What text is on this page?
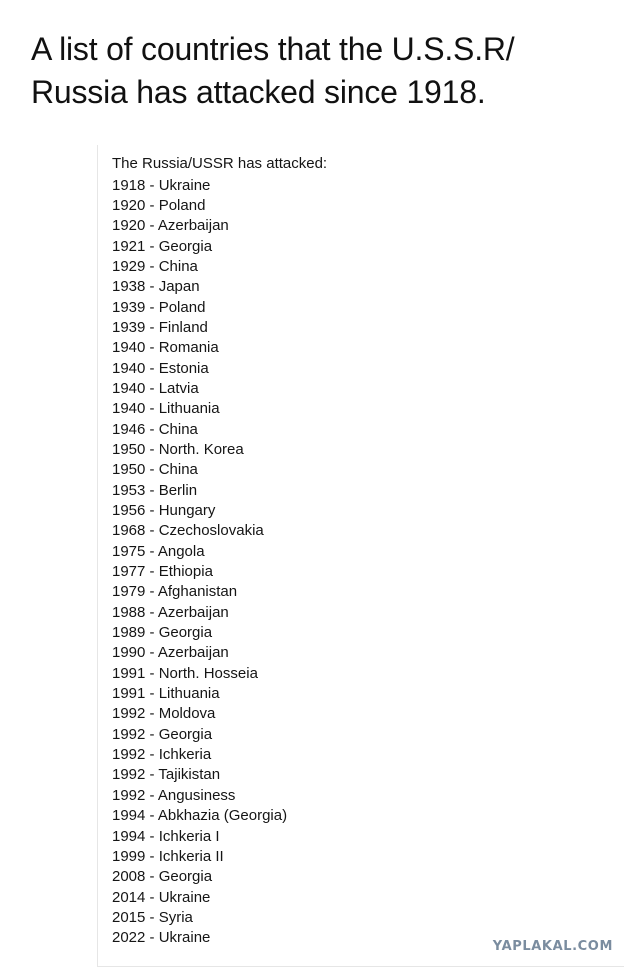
A list of countries that the U.S.S.R/ Russia has attacked since 1918.

The Russia/USSR has attacked:

1918 - Ukraine
1920 - Poland
1920 - Azerbaijan
1921 - Georgia
1929 - China
1938 - Japan
1939 - Poland
1939 - Finland
1940 - Romania
1940 - Estonia
1940 - Latvia
1940 - Lithuania
1946 - China
1950 - North. Korea
1950 - China
1953 - Berlin
1956 - Hungary
1968 - Czechoslovakia
1975 - Angola
1977 - Ethiopia
1979 - Afghanistan
1988 - Azerbaijan
1989 - Georgia
1990 - Azerbaijan
1991 - North. Hosseia
1991 - Lithuania
1992 - Moldova
1992 - Georgia
1992 - Ichkeria
1992 - Tajikistan
1992 - Angusiness
1994 - Abkhazia (Georgia)
1994 - Ichkeria I
1999 - Ichkeria II
2008 - Georgia
2014 - Ukraine
2015 - Syria
2022 - Ukraine
YAPLAKAL.COM
